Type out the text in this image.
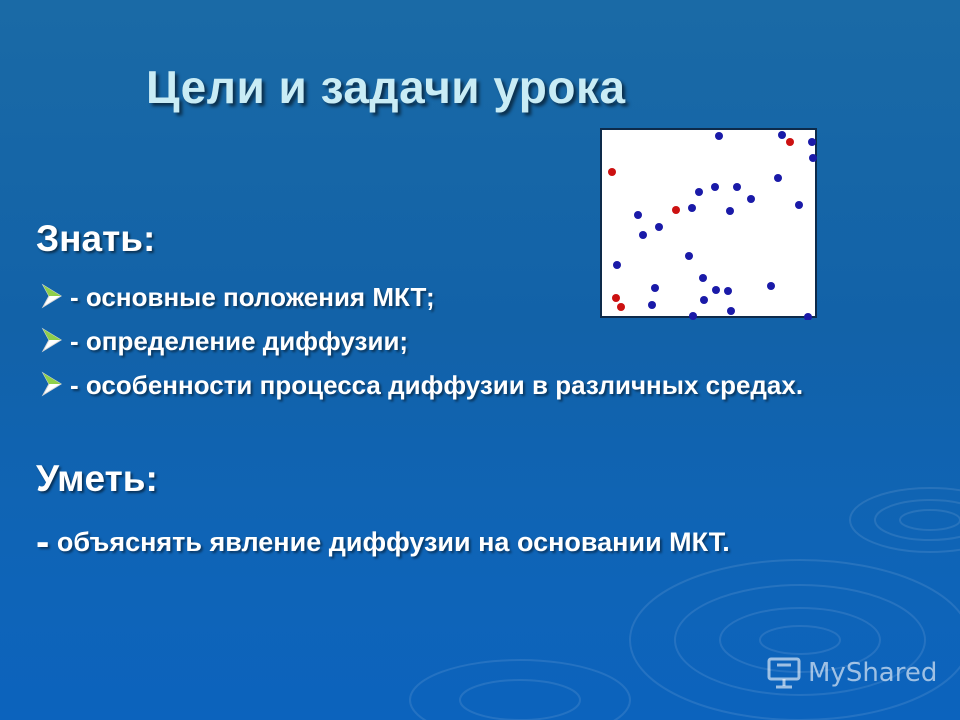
Цели и задачи урока
Знать:
- основные положения МКТ;
- определение диффузии;
- особенности процесса диффузии в различных средах.
Уметь:
- объяснять явление диффузии на основании МКТ.
MyShared
